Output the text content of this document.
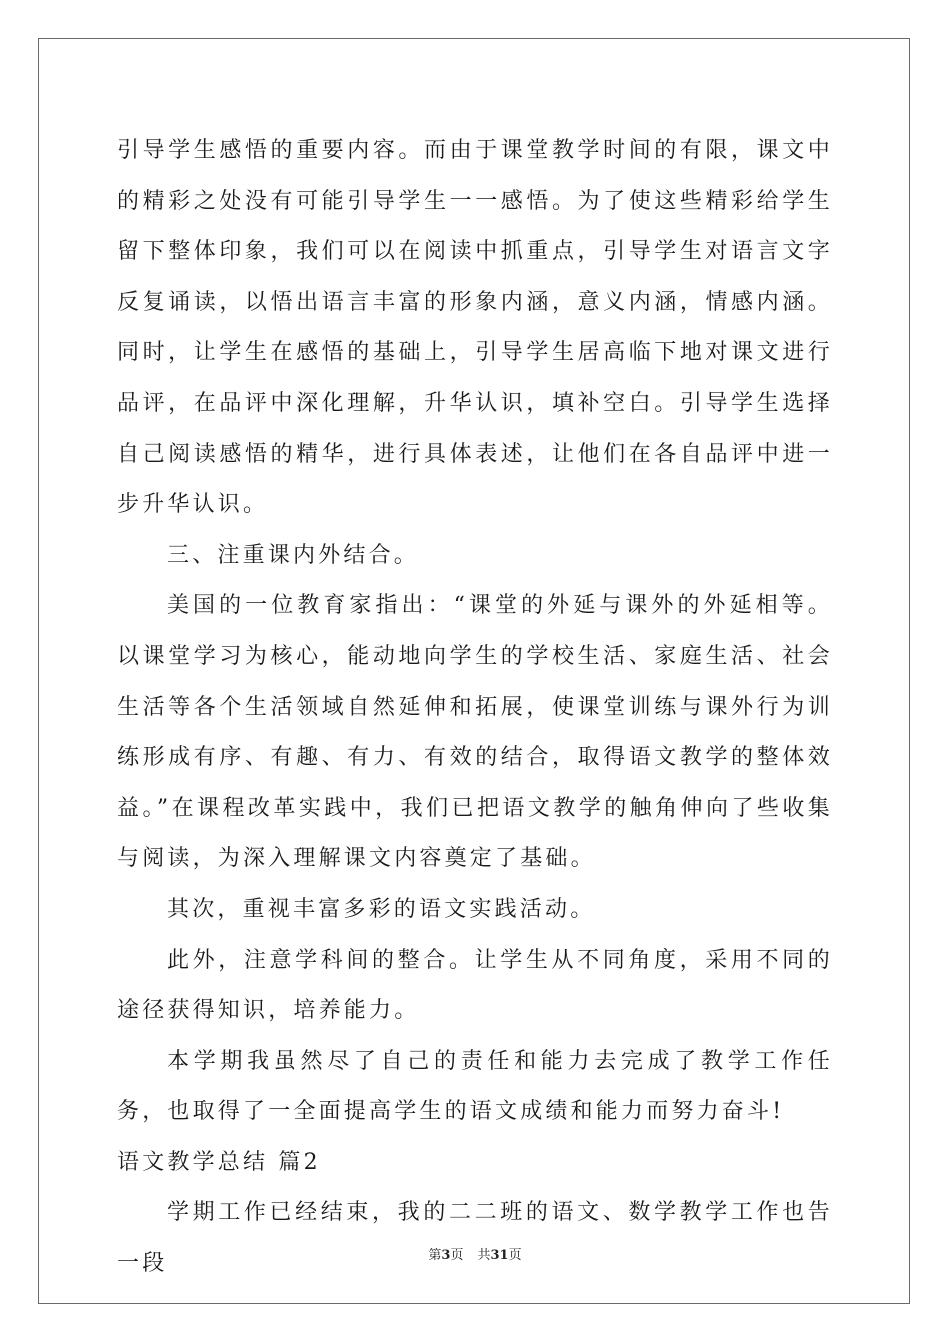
引导学生感悟的重要内容。而由于课堂教学时间的有限，课文中的精彩之处没有可能引导学生一一感悟。为了使这些精彩给学生留下整体印象，我们可以在阅读中抓重点，引导学生对语言文字反复诵读，以悟出语言丰富的形象内涵，意义内涵，情感内涵。同时，让学生在感悟的基础上，引导学生居高临下地对课文进行品评，在品评中深化理解，升华认识，填补空白。引导学生选择自己阅读感悟的精华，进行具体表述，让他们在各自品评中进一步升华认识。

三、注重课内外结合。

美国的一位教育家指出：“课堂的外延与课外的外延相等。以课堂学习为核心，能动地向学生的学校生活、家庭生活、社会生活等各个生活领域自然延伸和拓展，使课堂训练与课外行为训练形成有序、有趣、有力、有效的结合，取得语文教学的整体效益。”在课程改革实践中，我们已把语文教学的触角伸向了些收集与阅读，为深入理解课文内容奠定了基础。

其次，重视丰富多彩的语文实践活动。

此外，注意学科间的整合。让学生从不同角度，采用不同的途径获得知识，培养能力。

本学期我虽然尽了自己的责任和能力去完成了教学工作任务，也取得了一全面提高学生的语文成绩和能力而努力奋斗!

语文教学总结 篇2

学期工作已经结束，我的二二班的语文、数学教学工作也告一段	第3页 共31页
